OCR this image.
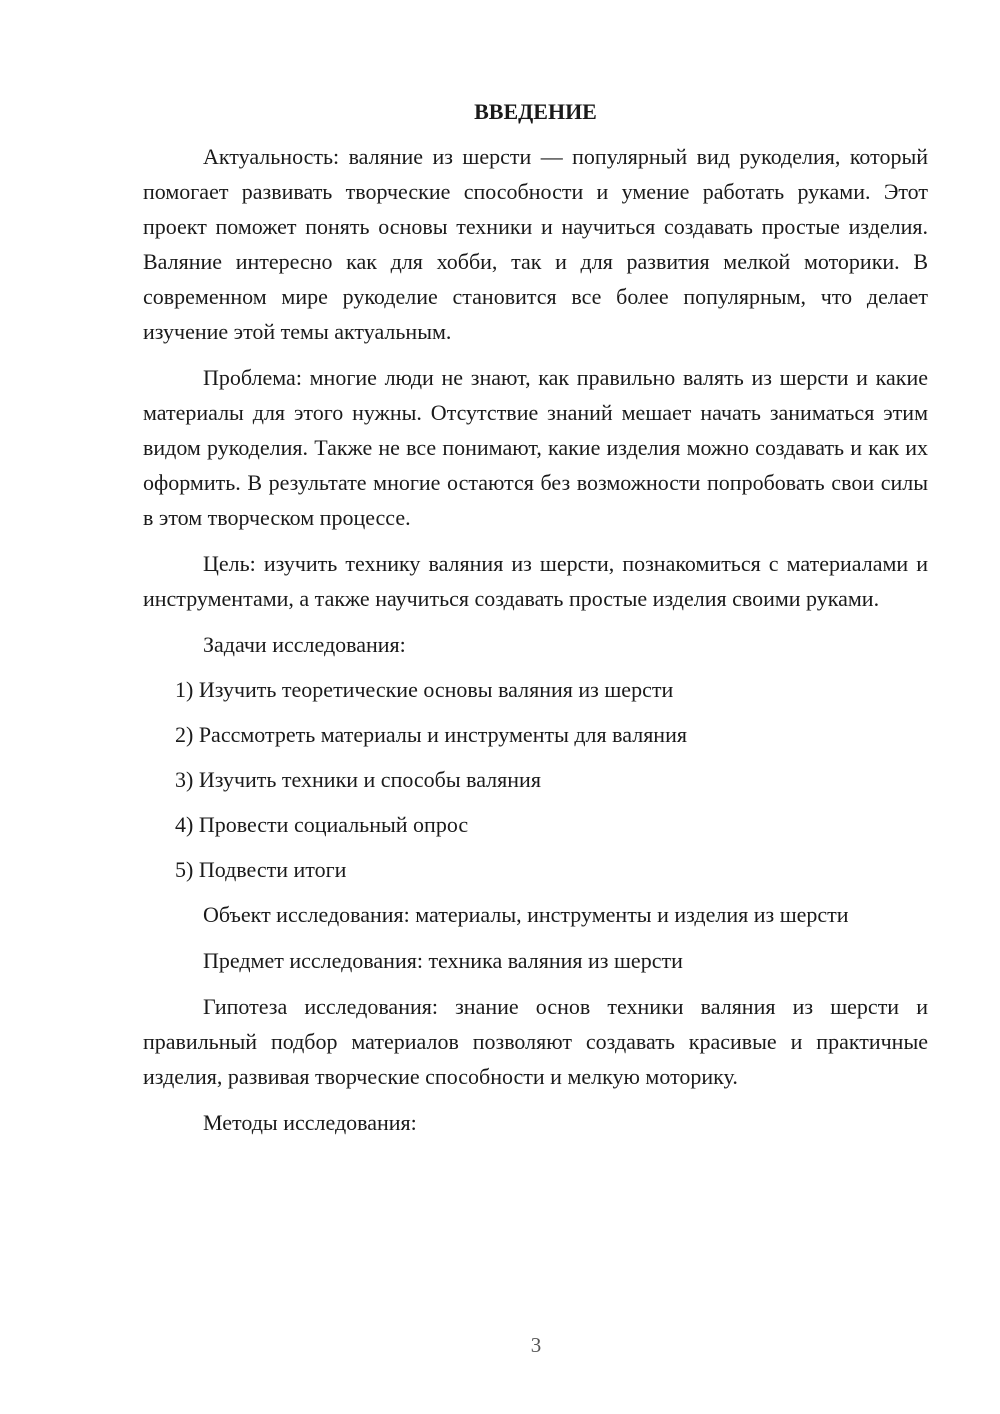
ВВЕДЕНИЕ

Актуальность: валяние из шерсти — популярный вид рукоделия, который помогает развивать творческие способности и умение работать руками. Этот проект поможет понять основы техники и научиться создавать простые изделия. Валяние интересно как для хобби, так и для развития мелкой моторики. В современном мире рукоделие становится все более популярным, что делает изучение этой темы актуальным.

Проблема: многие люди не знают, как правильно валять из шерсти и какие материалы для этого нужны. Отсутствие знаний мешает начать заниматься этим видом рукоделия. Также не все понимают, какие изделия можно создавать и как их оформить. В результате многие остаются без возможности попробовать свои силы в этом творческом процессе.

Цель: изучить технику валяния из шерсти, познакомиться с материалами и инструментами, а также научиться создавать простые изделия своими руками.

Задачи исследования:
1) Изучить теоретические основы валяния из шерсти
2) Рассмотреть материалы и инструменты для валяния
3) Изучить техники и способы валяния
4) Провести социальный опрос
5) Подвести итоги

Объект исследования: материалы, инструменты и изделия из шерсти

Предмет исследования: техника валяния из шерсти

Гипотеза исследования: знание основ техники валяния из шерсти и правильный подбор материалов позволяют создавать красивые и практичные изделия, развивая творческие способности и мелкую моторику.

Методы исследования:

3
